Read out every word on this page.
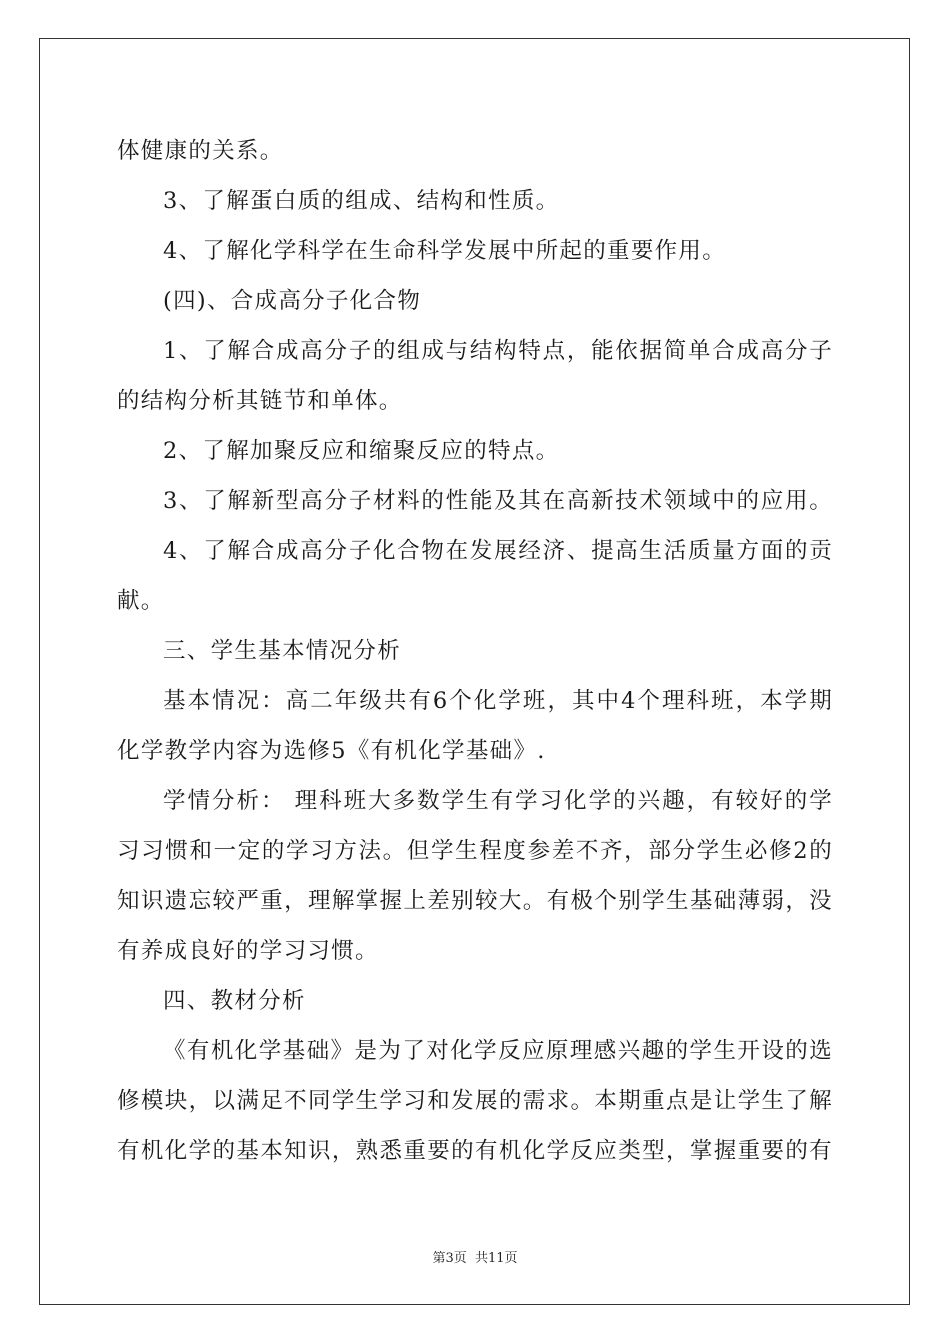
体健康的关系。
3、了解蛋白质的组成、结构和性质。
4、了解化学科学在生命科学发展中所起的重要作用。
(四)、合成高分子化合物
1、了解合成高分子的组成与结构特点，能依据简单合成高分子
的结构分析其链节和单体。
2、了解加聚反应和缩聚反应的特点。
3、了解新型高分子材料的性能及其在高新技术领域中的应用。
4、了解合成高分子化合物在发展经济、提高生活质量方面的贡
献。
三、学生基本情况分析
基本情况：高二年级共有6个化学班，其中4个理科班，本学期
化学教学内容为选修5《有机化学基础》.
学情分析： 理科班大多数学生有学习化学的兴趣，有较好的学
习习惯和一定的学习方法。但学生程度参差不齐，部分学生必修2的
知识遗忘较严重，理解掌握上差别较大。有极个别学生基础薄弱，没
有养成良好的学习习惯。
四、教材分析
《有机化学基础》是为了对化学反应原理感兴趣的学生开设的选
修模块，以满足不同学生学习和发展的需求。本期重点是让学生了解
有机化学的基本知识，熟悉重要的有机化学反应类型，掌握重要的有
第3页 共11页
